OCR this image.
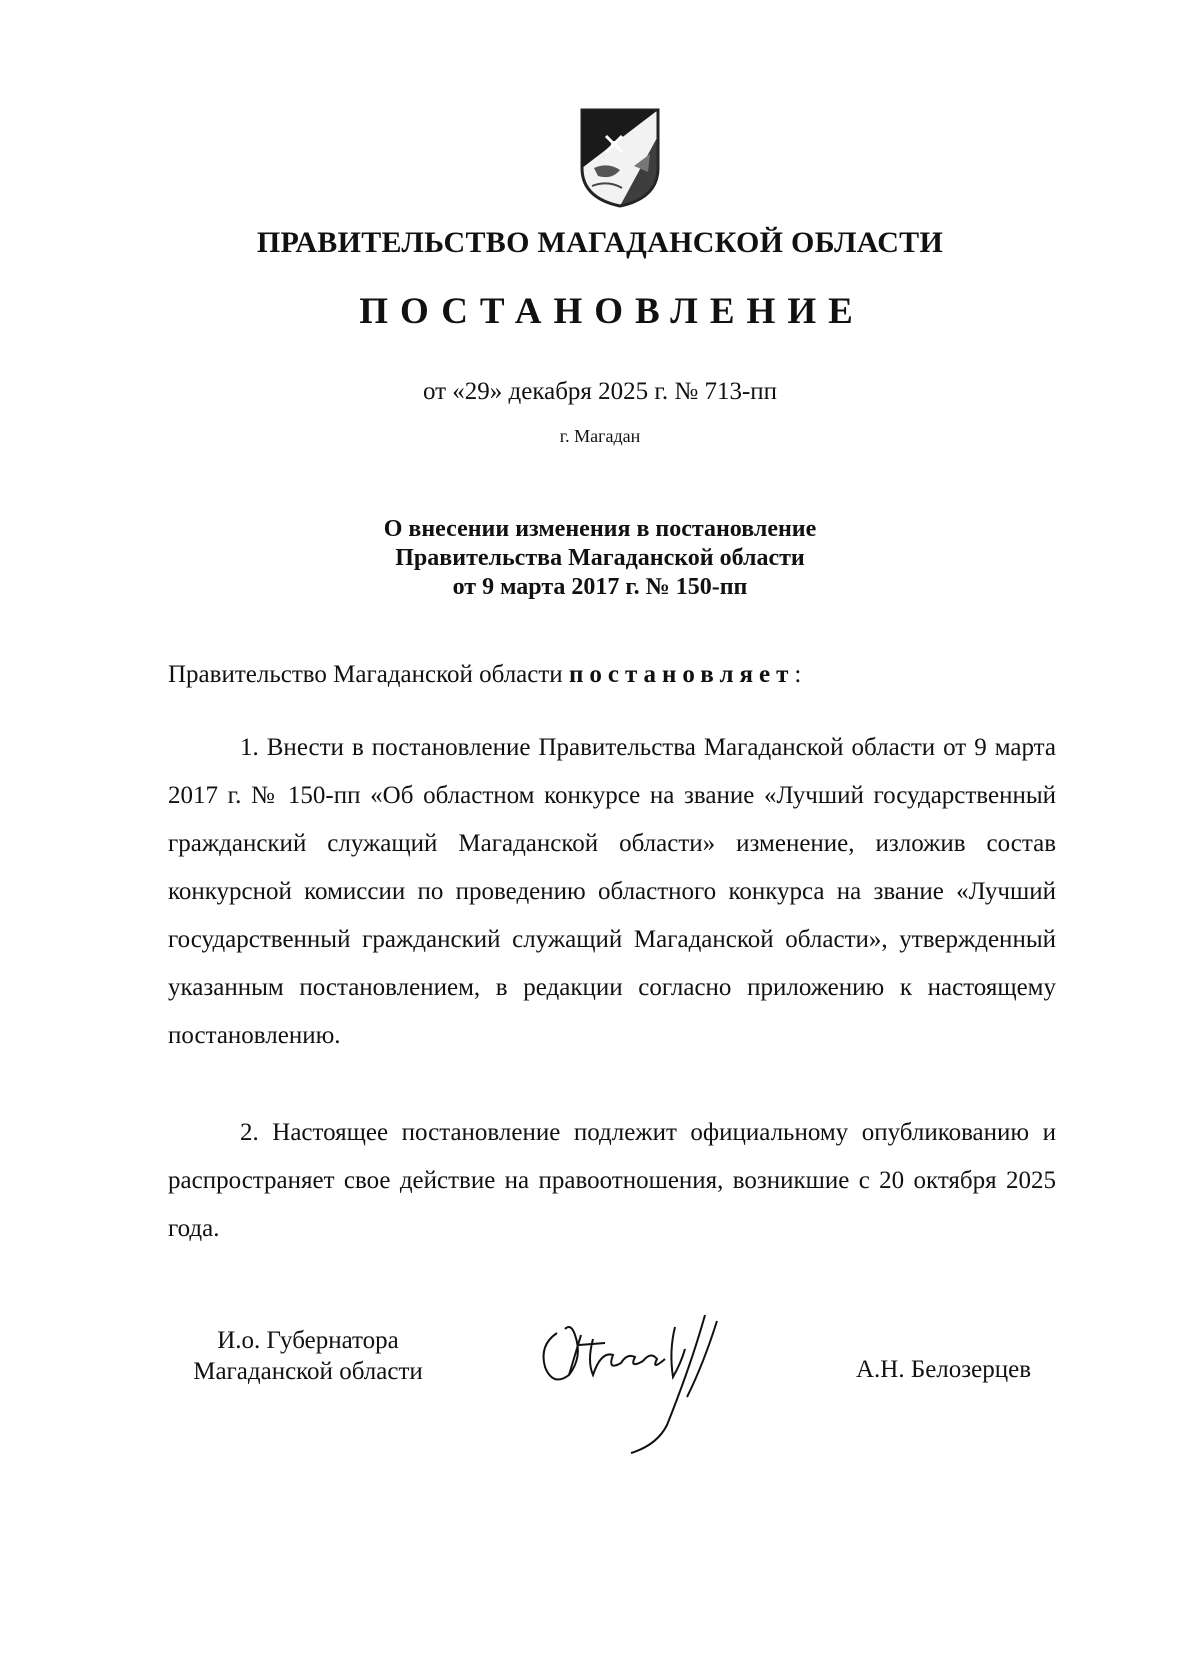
ПРАВИТЕЛЬСТВО МАГАДАНСКОЙ ОБЛАСТИ

ПОСТАНОВЛЕНИЕ

от «29» декабря 2025 г. № 713-пп

г. Магадан

О внесении изменения в постановление
Правительства Магаданской области
от 9 марта 2017 г. № 150-пп
Правительство Магаданской области постановляет:

1. Внести в постановление Правительства Магаданской области от 9 марта 2017 г. № 150-пп «Об областном конкурсе на звание «Лучший государственный гражданский служащий Магаданской области» изменение, изложив состав конкурсной комиссии по проведению областного конкурса на звание «Лучший государственный гражданский служащий Магаданской области», утвержденный указанным постановлением, в редакции согласно приложению к настоящему постановлению.

2. Настоящее постановление подлежит официальному опубликованию и распространяет свое действие на правоотношения, возникшие с 20 октября 2025 года.

И.о. Губернатора
Магаданской области	А.Н. Белозерцев
